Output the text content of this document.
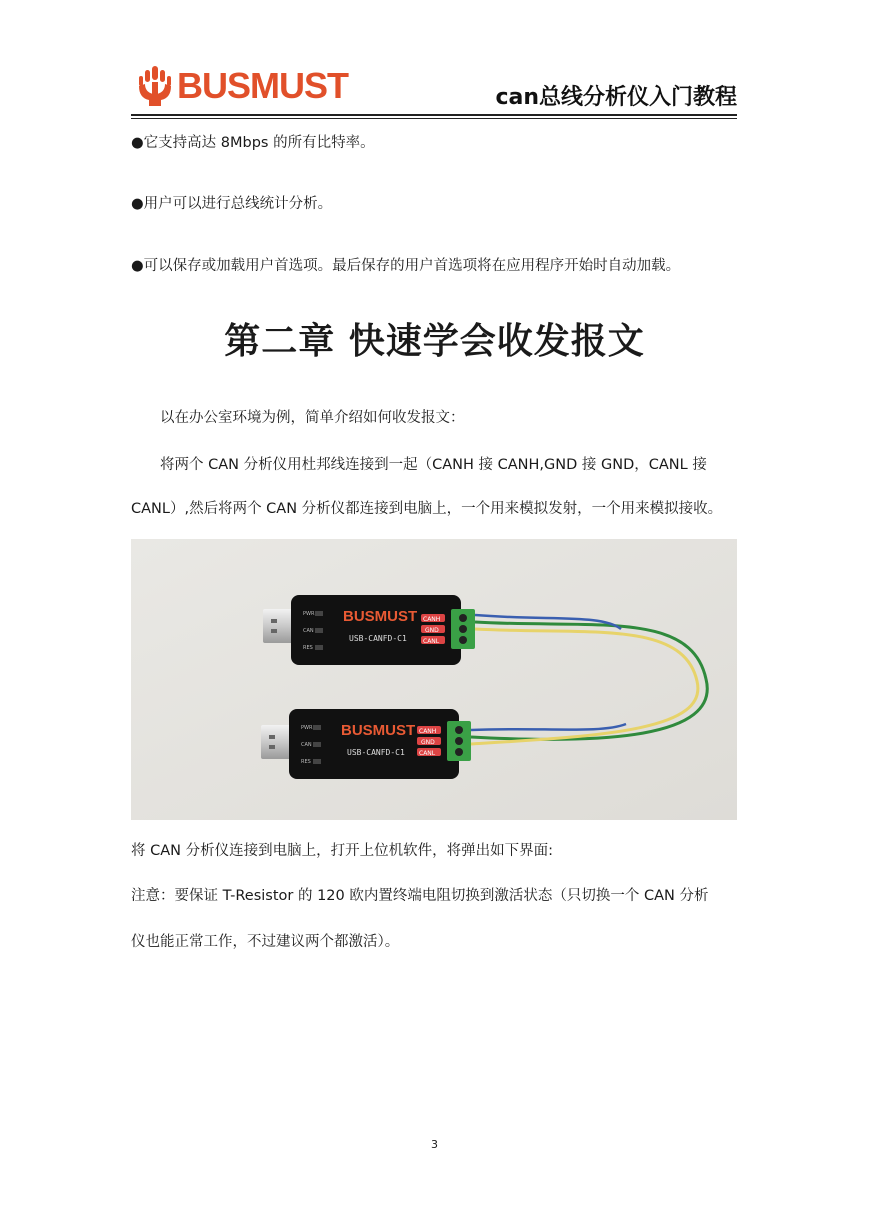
BUSMUST	can总线分析仪入门教程
●它支持高达 8Mbps 的所有比特率。
●用户可以进行总线统计分析。
●可以保存或加载用户首选项。最后保存的用户首选项将在应用程序开始时自动加载。
第二章 快速学会收发报文
以在办公室环境为例，简单介绍如何收发报文：
将两个 CAN 分析仪用杜邦线连接到一起（CANH 接 CANH,GND 接 GND，CANL 接
CANL）,然后将两个 CAN 分析仪都连接到电脑上，一个用来模拟发射，一个用来模拟接收。
PWR
CAN
RES
BUSMUST
USB-CANFD-C1
CANH
GND
CANL
PWR
CAN
RES
BUSMUST
USB-CANFD-C1
CANH
GND
CANL
将 CAN 分析仪连接到电脑上，打开上位机软件，将弹出如下界面:
注意：要保证 T-Resistor 的 120 欧内置终端电阻切换到激活状态（只切换一个 CAN 分析
仪也能正常工作，不过建议两个都激活）。
3
